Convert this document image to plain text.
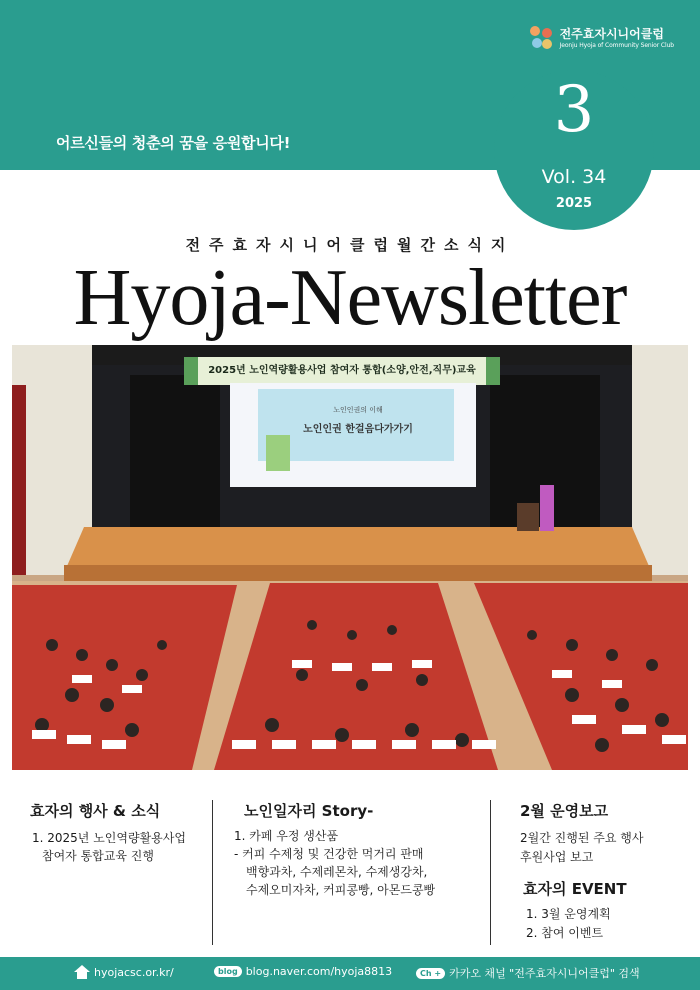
어르신들의 청춘의 꿈을 응원합니다!
전주효자시니어클럽
Jeonju Hyoja of Community Senior Club
3
Vol. 34
2025
전주효자시니어클럽월간소식지
Hyoja-Newsletter
2025년 노인역량활용사업 참여자 통합(소양,안전,직무)교육
노인인권의 이해
노인인권 한걸음다가가기
효자의 행사 & 소식
1. 2025년 노인역량활용사업
참여자 통합교육 진행
노인일자리 Story-
1. 카페 우정 생산품
- 커피 수제청 및 건강한 먹거리 판매
백향과차, 수제레몬차, 수제생강차,
수제오미자차, 커피콩빵, 아몬드콩빵
2월 운영보고
2월간 진행된 주요 행사
후원사업 보고
효자의 EVENT
1. 3월 운영계획
2. 참여 이벤트
hyojacsc.or.kr/	blog blog.naver.com/hyoja8813	Ch + 카카오 채널 "전주효자시니어클럽" 검색
